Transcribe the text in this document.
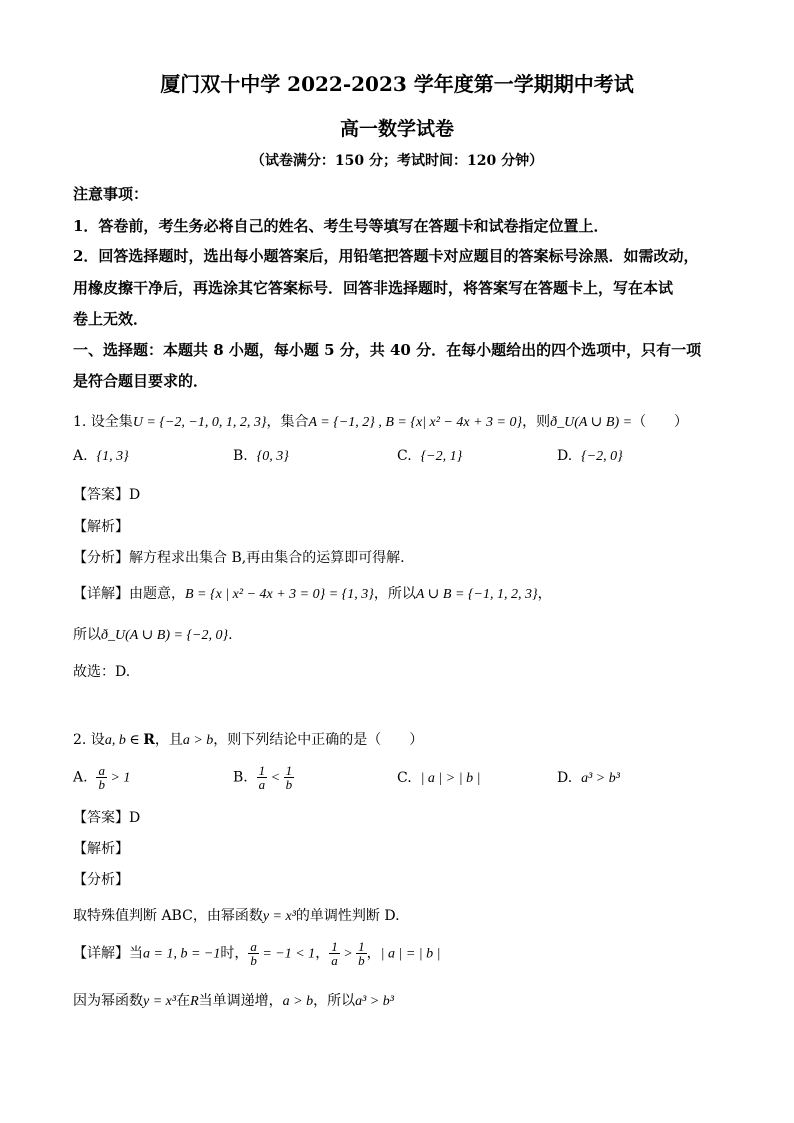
厦门双十中学 2022-2023 学年度第一学期期中考试
高一数学试卷
（试卷满分：150 分；考试时间：120 分钟）
注意事项：
1．答卷前，考生务必将自己的姓名、考生号等填写在答题卡和试卷指定位置上．
2．回答选择题时，选出每小题答案后，用铅笔把答题卡对应题目的答案标号涂黑．如需改动，
用橡皮擦干净后，再选涂其它答案标号．回答非选择题时，将答案写在答题卡上，写在本试
卷上无效．
一、选择题：本题共 8 小题，每小题 5 分，共 40 分．在每小题给出的四个选项中，只有一项
是符合题目要求的．
1. 设全集U = {−2, −1, 0, 1, 2, 3}，集合A = {−1, 2} , B = {x| x² − 4x + 3 = 0}，则ð_U(A ∪ B) =（　　）
A. {1, 3}	B. {0, 3}	C. {−2, 1}	D. {−2, 0}
【答案】D
【解析】
【分析】解方程求出集合 B,再由集合的运算即可得解.
【详解】由题意，B = {x | x² − 4x + 3 = 0} = {1, 3}，所以A ∪ B = {−1, 1, 2, 3}，
所以ð_U(A ∪ B) = {−2, 0}.
故选：D.
2. 设a, b ∈ R，且a > b，则下列结论中正确的是（　　）
A. $\frac{a}{b} > 1$	B. $\frac{1}{a} < \frac{1}{b}$	C. | a | > | b |	D. a³ > b³
【答案】D
【解析】
【分析】
取特殊值判断 ABC，由幂函数y = x³的单调性判断 D.
【详解】当a = 1, b = −1时， $\frac{a}{b} = -1 < 1$， $\frac{1}{a} > \frac{1}{b}$ ，| a | = | b |
因为幂函数y = x³在R当单调递增，a > b，所以a³ > b³
